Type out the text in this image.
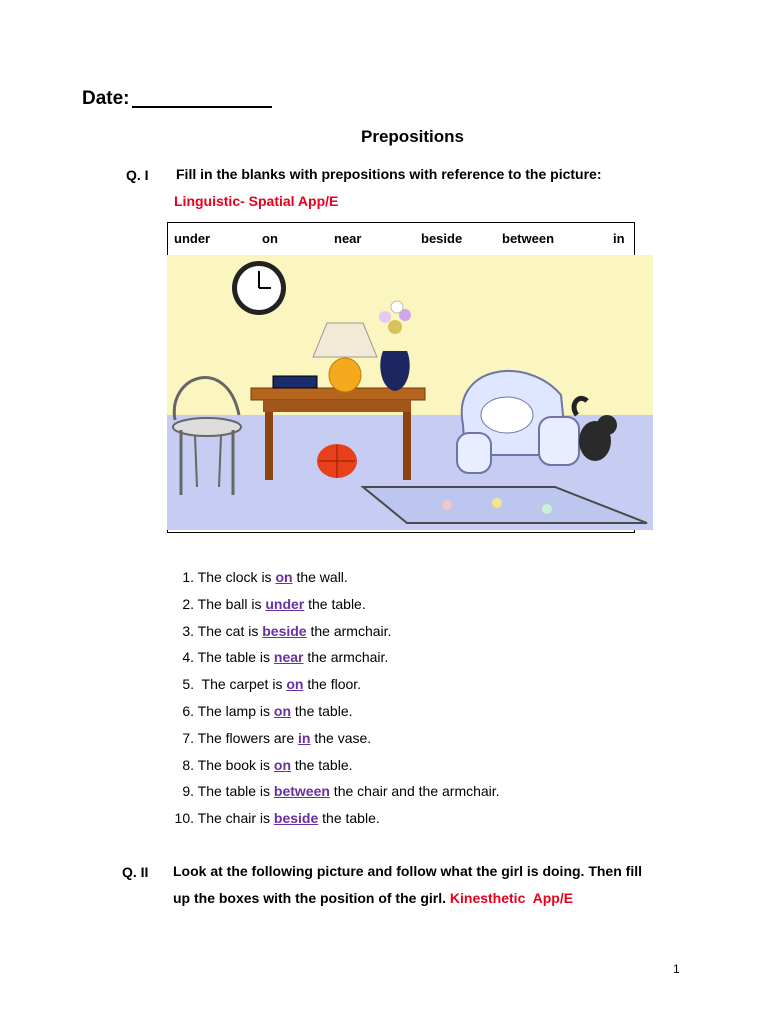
Date:
Prepositions
Q. I Fill in the blanks with prepositions with reference to the picture:
Linguistic- Spatial App/E
under	on	near	beside	between	in
1. The clock is on the wall.
2. The ball is under the table.
3. The cat is beside the armchair.
4. The table is near the armchair.
5.  The carpet is on the floor.
6. The lamp is on the table.
7. The flowers are in the vase.
8. The book is on the table.
9. The table is between the chair and the armchair.
10. The chair is beside the table.
Q. II Look at the following picture and follow what the girl is doing. Then fill
up the boxes with the position of the girl. Kinesthetic  App/E
1
